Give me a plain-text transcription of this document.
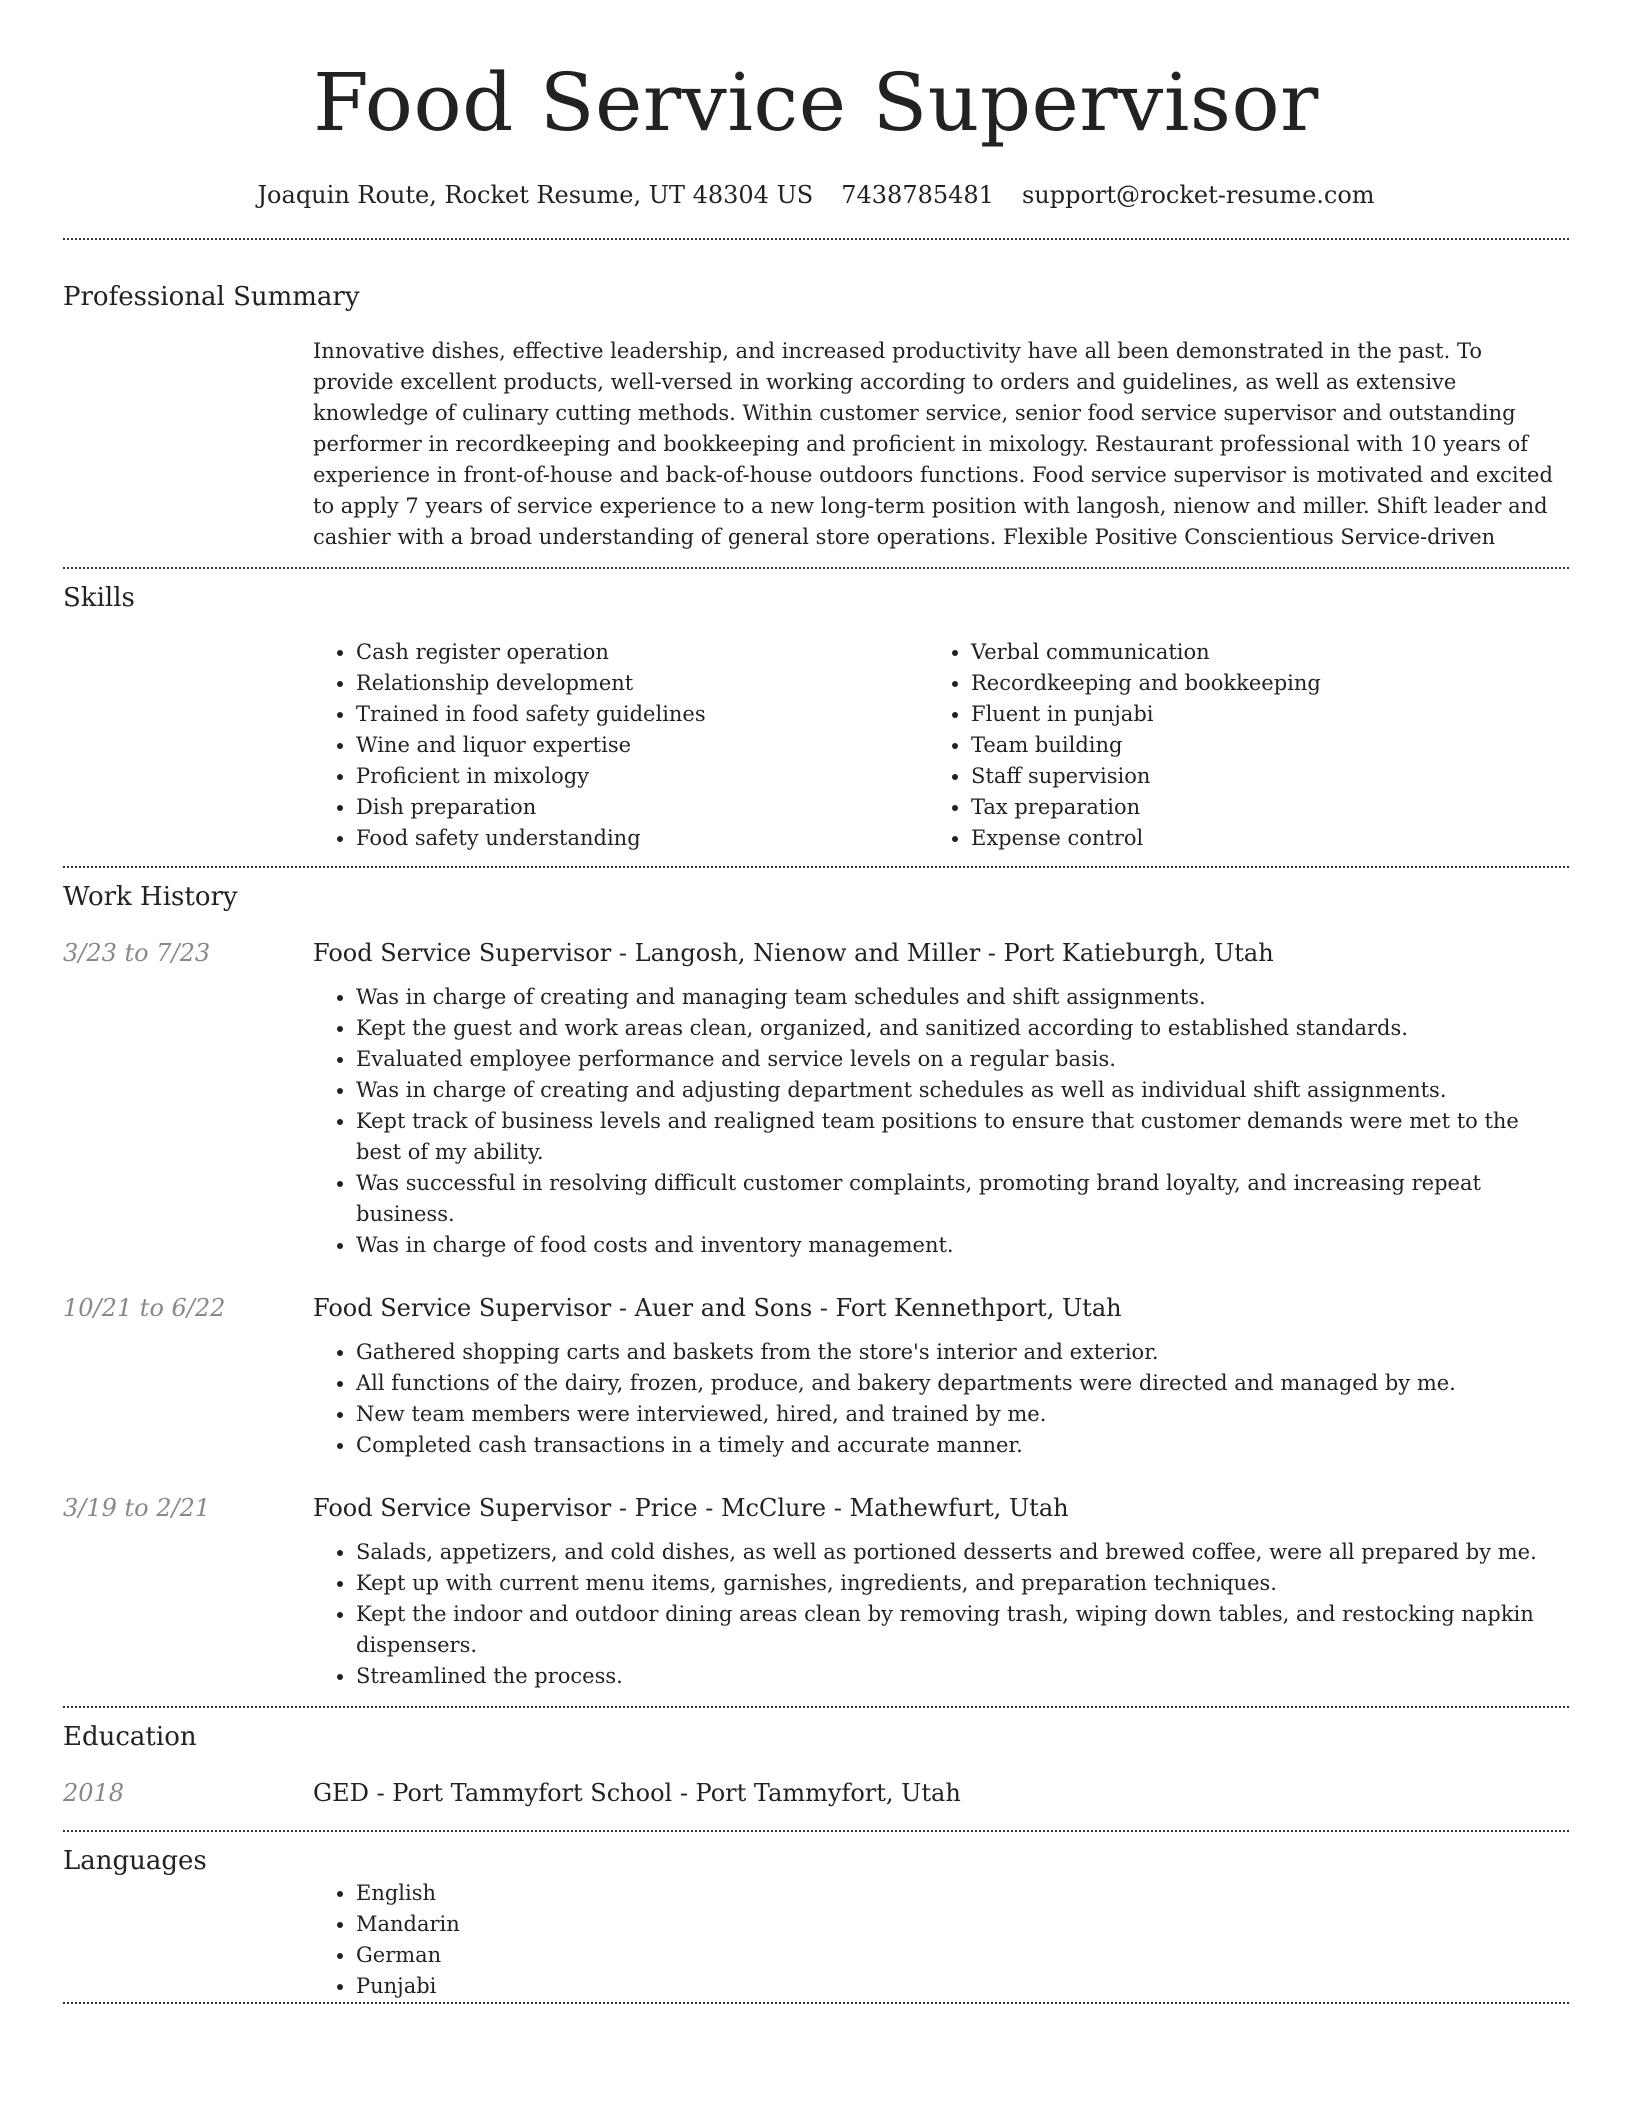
Food Service Supervisor
Joaquin Route, Rocket Resume, UT 48304 US 7438785481 support@rocket-resume.com
Professional Summary
Innovative dishes, effective leadership, and increased productivity have all been demonstrated in the past. To provide excellent products, well-versed in working according to orders and guidelines, as well as extensive knowledge of culinary cutting methods. Within customer service, senior food service supervisor and outstanding performer in recordkeeping and bookkeeping and proficient in mixology. Restaurant professional with 10 years of experience in front-of-house and back-of-house outdoors functions. Food service supervisor is motivated and excited to apply 7 years of service experience to a new long-term position with langosh, nienow and miller. Shift leader and cashier with a broad understanding of general store operations. Flexible Positive Conscientious Service-driven
Skills
• Cash register operation
• Relationship development
• Trained in food safety guidelines
• Wine and liquor expertise
• Proficient in mixology
• Dish preparation
• Food safety understanding
• Verbal communication
• Recordkeeping and bookkeeping
• Fluent in punjabi
• Team building
• Staff supervision
• Tax preparation
• Expense control
Work History
3/23 to 7/23	Food Service Supervisor - Langosh, Nienow and Miller - Port Katieburgh, Utah
• Was in charge of creating and managing team schedules and shift assignments.
• Kept the guest and work areas clean, organized, and sanitized according to established standards.
• Evaluated employee performance and service levels on a regular basis.
• Was in charge of creating and adjusting department schedules as well as individual shift assignments.
• Kept track of business levels and realigned team positions to ensure that customer demands were met to the best of my ability.
• Was successful in resolving difficult customer complaints, promoting brand loyalty, and increasing repeat business.
• Was in charge of food costs and inventory management.
10/21 to 6/22	Food Service Supervisor - Auer and Sons - Fort Kennethport, Utah
• Gathered shopping carts and baskets from the store's interior and exterior.
• All functions of the dairy, frozen, produce, and bakery departments were directed and managed by me.
• New team members were interviewed, hired, and trained by me.
• Completed cash transactions in a timely and accurate manner.
3/19 to 2/21	Food Service Supervisor - Price - McClure - Mathewfurt, Utah
• Salads, appetizers, and cold dishes, as well as portioned desserts and brewed coffee, were all prepared by me.
• Kept up with current menu items, garnishes, ingredients, and preparation techniques.
• Kept the indoor and outdoor dining areas clean by removing trash, wiping down tables, and restocking napkin dispensers.
• Streamlined the process.
Education
2018	GED - Port Tammyfort School - Port Tammyfort, Utah
Languages
• English
• Mandarin
• German
• Punjabi
